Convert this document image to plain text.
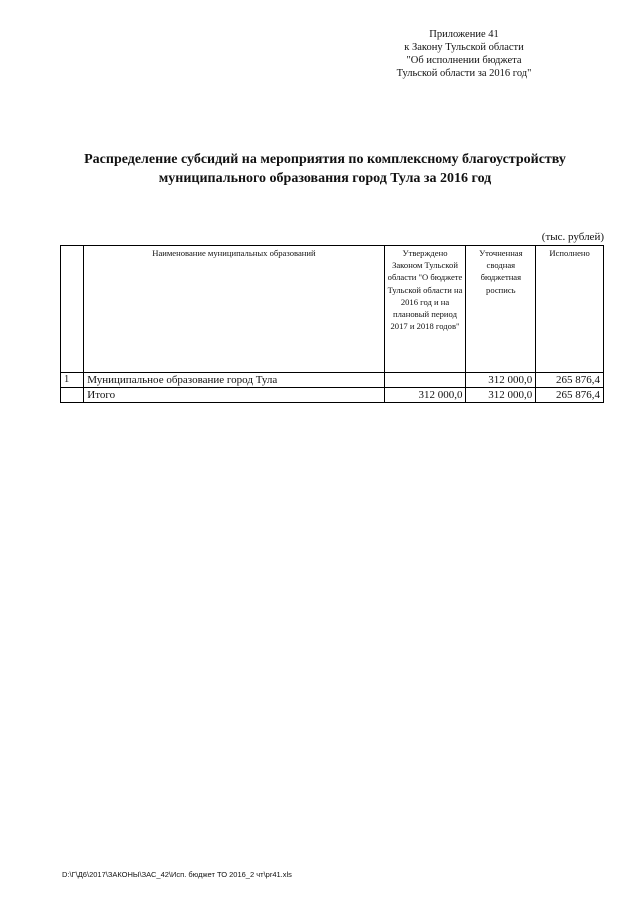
Приложение 41
к Закону Тульской области
"Об исполнении бюджета
Тульской области за 2016 год"
Распределение субсидий на мероприятия по комплексному благоустройству
муниципального образования город Тула за 2016 год
(тыс. рублей)
	Наименование муниципальных образований	Утверждено Законом Тульской области "О бюджете Тульской области на 2016 год и на плановый период 2017 и 2018 годов"	Уточненная сводная бюджетная роспись	Исполнено
1	Муниципальное образование город Тула		312 000,0	265 876,4
	Итого	312 000,0	312 000,0	265 876,4
D:\Г\Д6\2017\ЗАКОНЫ\ЗАС_42\Исп. бюджет ТО 2016_2 чт\pr41.xls
